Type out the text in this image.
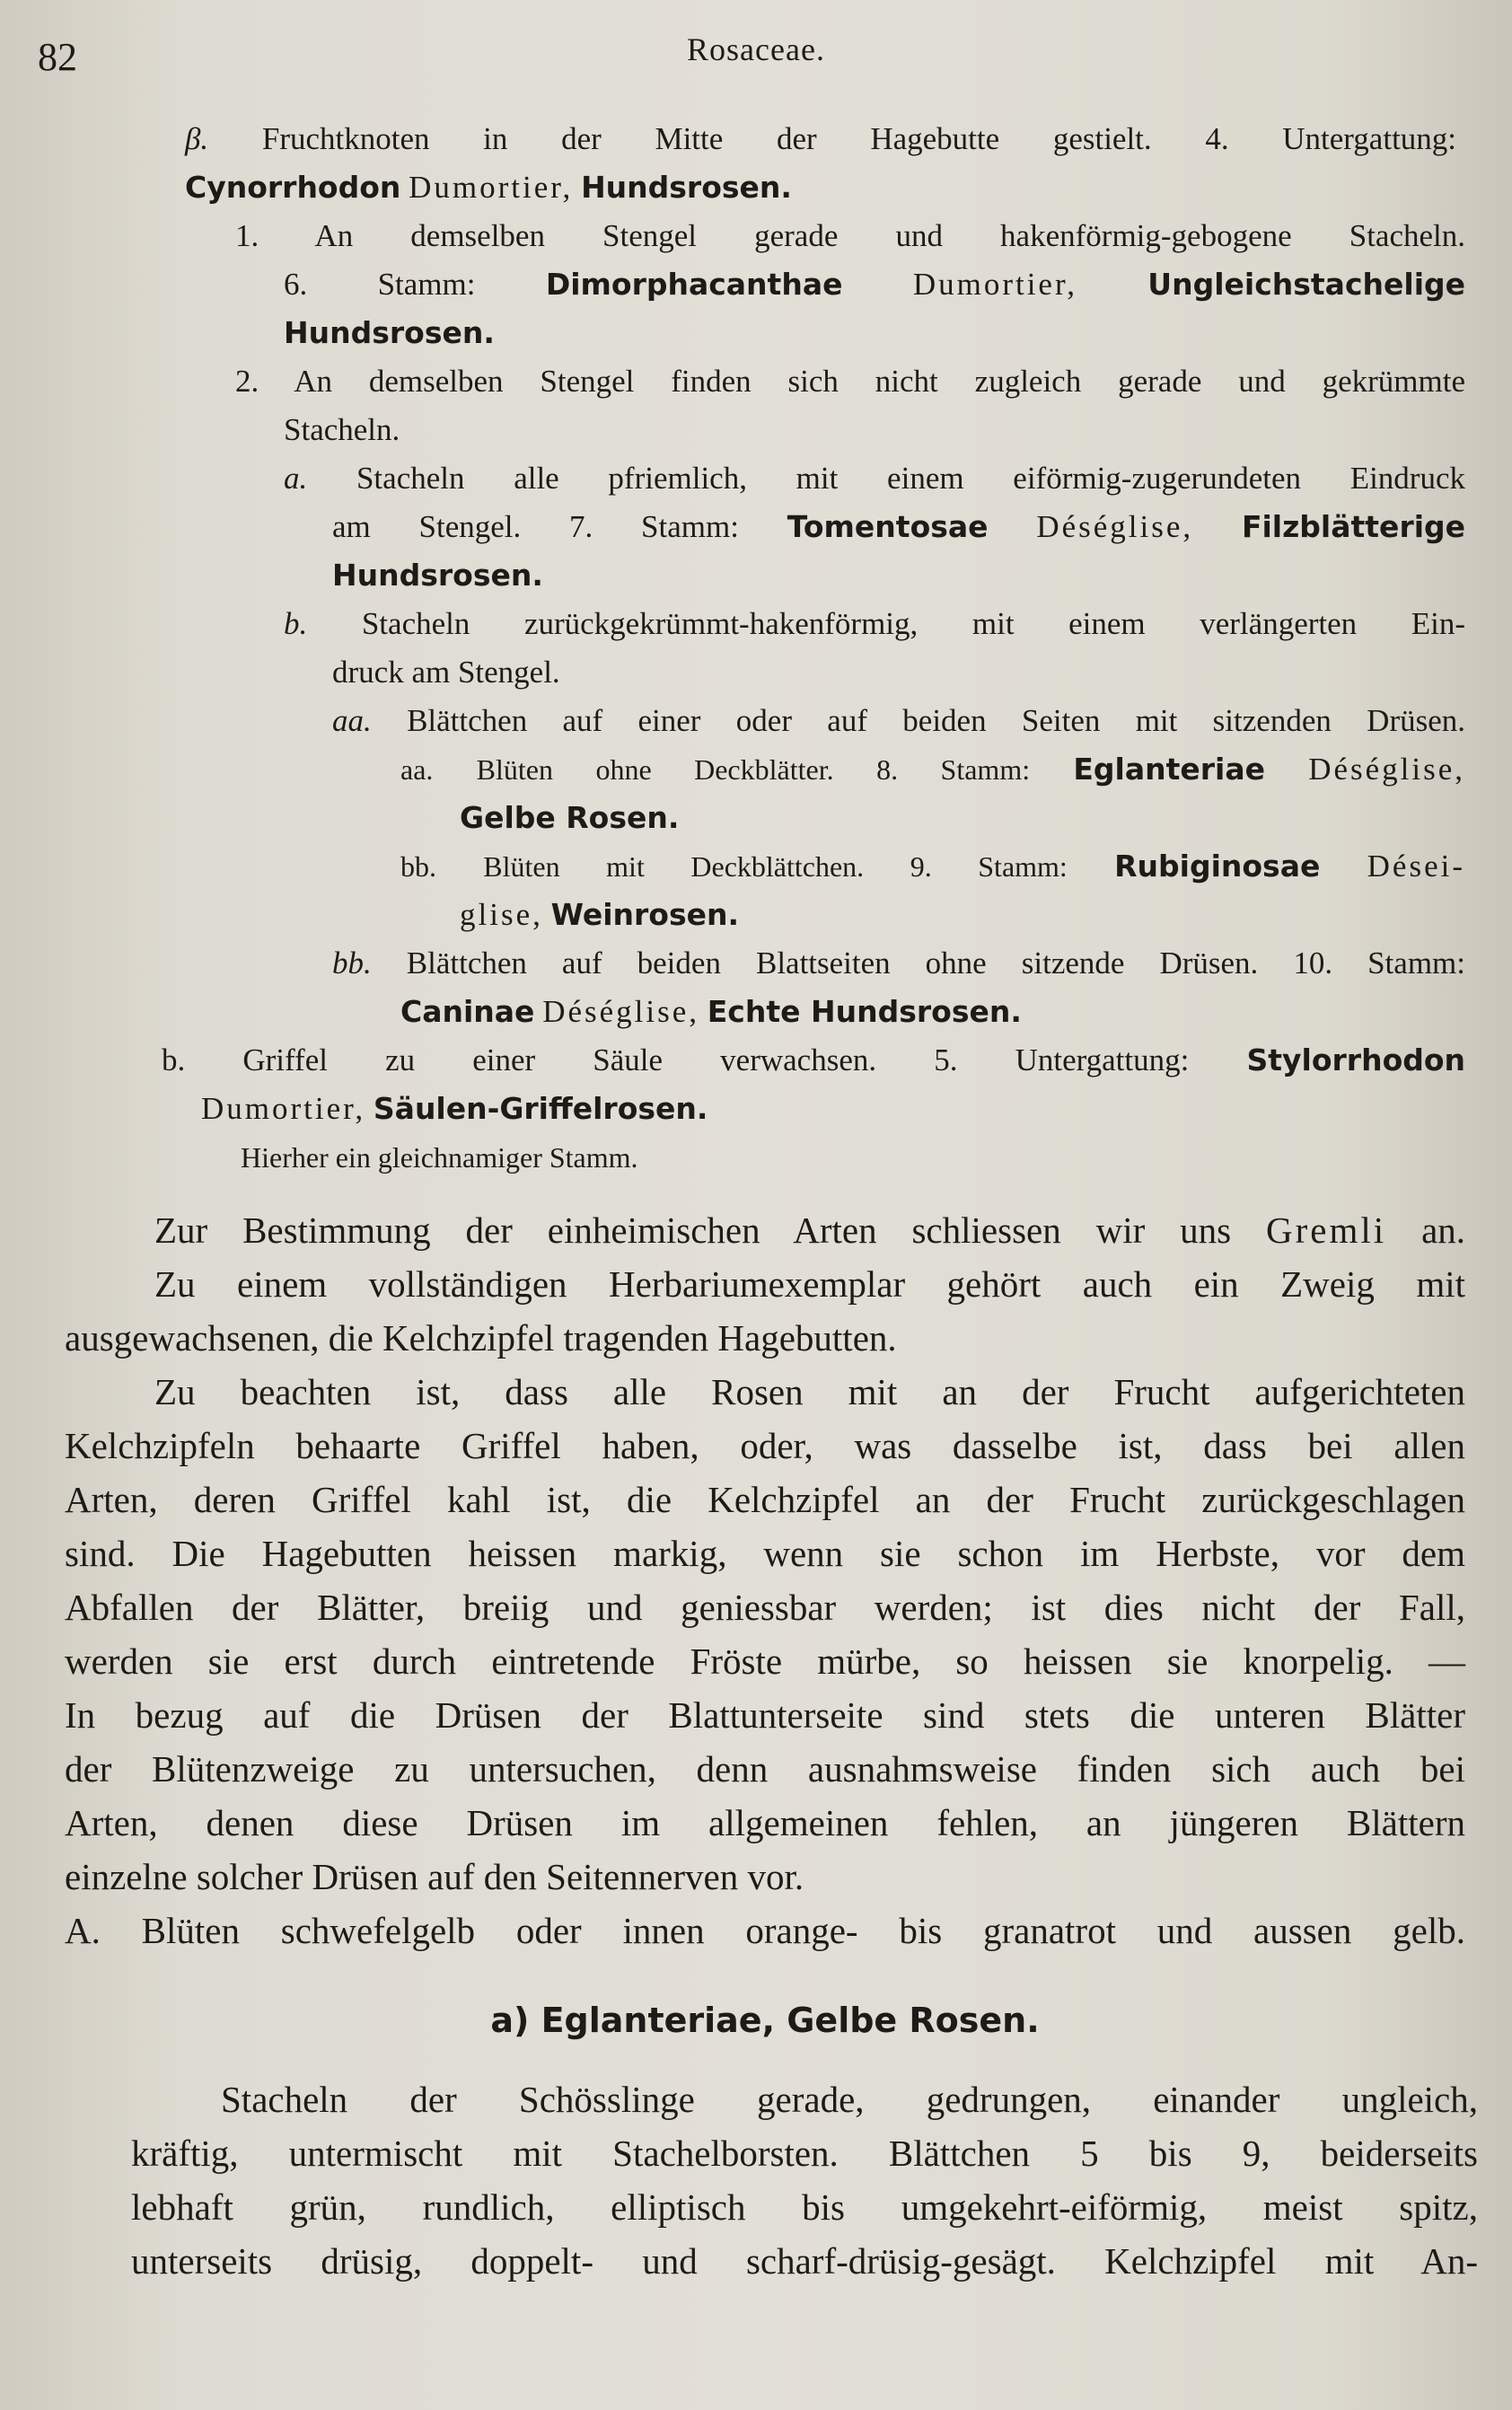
82	Rosaceae.
β. Fruchtknoten in der Mitte der Hagebutte gestielt. 4. Untergattung:
Cynorrhodon Dumortier, Hundsrosen.
1. An demselben Stengel gerade und hakenförmig-gebogene Stacheln.
6. Stamm: Dimorphacanthae Dumortier, Ungleichstachelige
Hundsrosen.
2. An demselben Stengel finden sich nicht zugleich gerade und gekrümmte
Stacheln.
a. Stacheln alle pfriemlich, mit einem eiförmig-zugerundeten Eindruck
am Stengel. 7. Stamm: Tomentosae Déséglise, Filzblätterige
Hundsrosen.
b. Stacheln zurückgekrümmt-hakenförmig, mit einem verlängerten Ein-
druck am Stengel.
aa. Blättchen auf einer oder auf beiden Seiten mit sitzenden Drüsen.
aa. Blüten ohne Deckblätter. 8. Stamm: Eglanteriae Déséglise,
Gelbe Rosen.
bb. Blüten mit Deckblättchen. 9. Stamm: Rubiginosae Dései-
glise, Weinrosen.
bb. Blättchen auf beiden Blattseiten ohne sitzende Drüsen. 10. Stamm:
Caninae Déséglise, Echte Hundsrosen.
b. Griffel zu einer Säule verwachsen. 5. Untergattung: Stylorrhodon
Dumortier, Säulen-Griffelrosen.
Hierher ein gleichnamiger Stamm.
Zur Bestimmung der einheimischen Arten schliessen wir uns Gremli an.
Zu einem vollständigen Herbariumexemplar gehört auch ein Zweig mit
ausgewachsenen, die Kelchzipfel tragenden Hagebutten.
Zu beachten ist, dass alle Rosen mit an der Frucht aufgerichteten
Kelchzipfeln behaarte Griffel haben, oder, was dasselbe ist, dass bei allen
Arten, deren Griffel kahl ist, die Kelchzipfel an der Frucht zurückgeschlagen
sind. Die Hagebutten heissen markig, wenn sie schon im Herbste, vor dem
Abfallen der Blätter, breiig und geniessbar werden; ist dies nicht der Fall,
werden sie erst durch eintretende Fröste mürbe, so heissen sie knorpelig. —
In bezug auf die Drüsen der Blattunterseite sind stets die unteren Blätter
der Blütenzweige zu untersuchen, denn ausnahmsweise finden sich auch bei
Arten, denen diese Drüsen im allgemeinen fehlen, an jüngeren Blättern
einzelne solcher Drüsen auf den Seitennerven vor.
A. Blüten schwefelgelb oder innen orange- bis granatrot und aussen gelb.
a) Eglanteriae, Gelbe Rosen.
Stacheln der Schösslinge gerade, gedrungen, einander ungleich,
kräftig, untermischt mit Stachelborsten. Blättchen 5 bis 9, beiderseits
lebhaft grün, rundlich, elliptisch bis umgekehrt-eiförmig, meist spitz,
unterseits drüsig, doppelt- und scharf-drüsig-gesägt. Kelchzipfel mit An-
